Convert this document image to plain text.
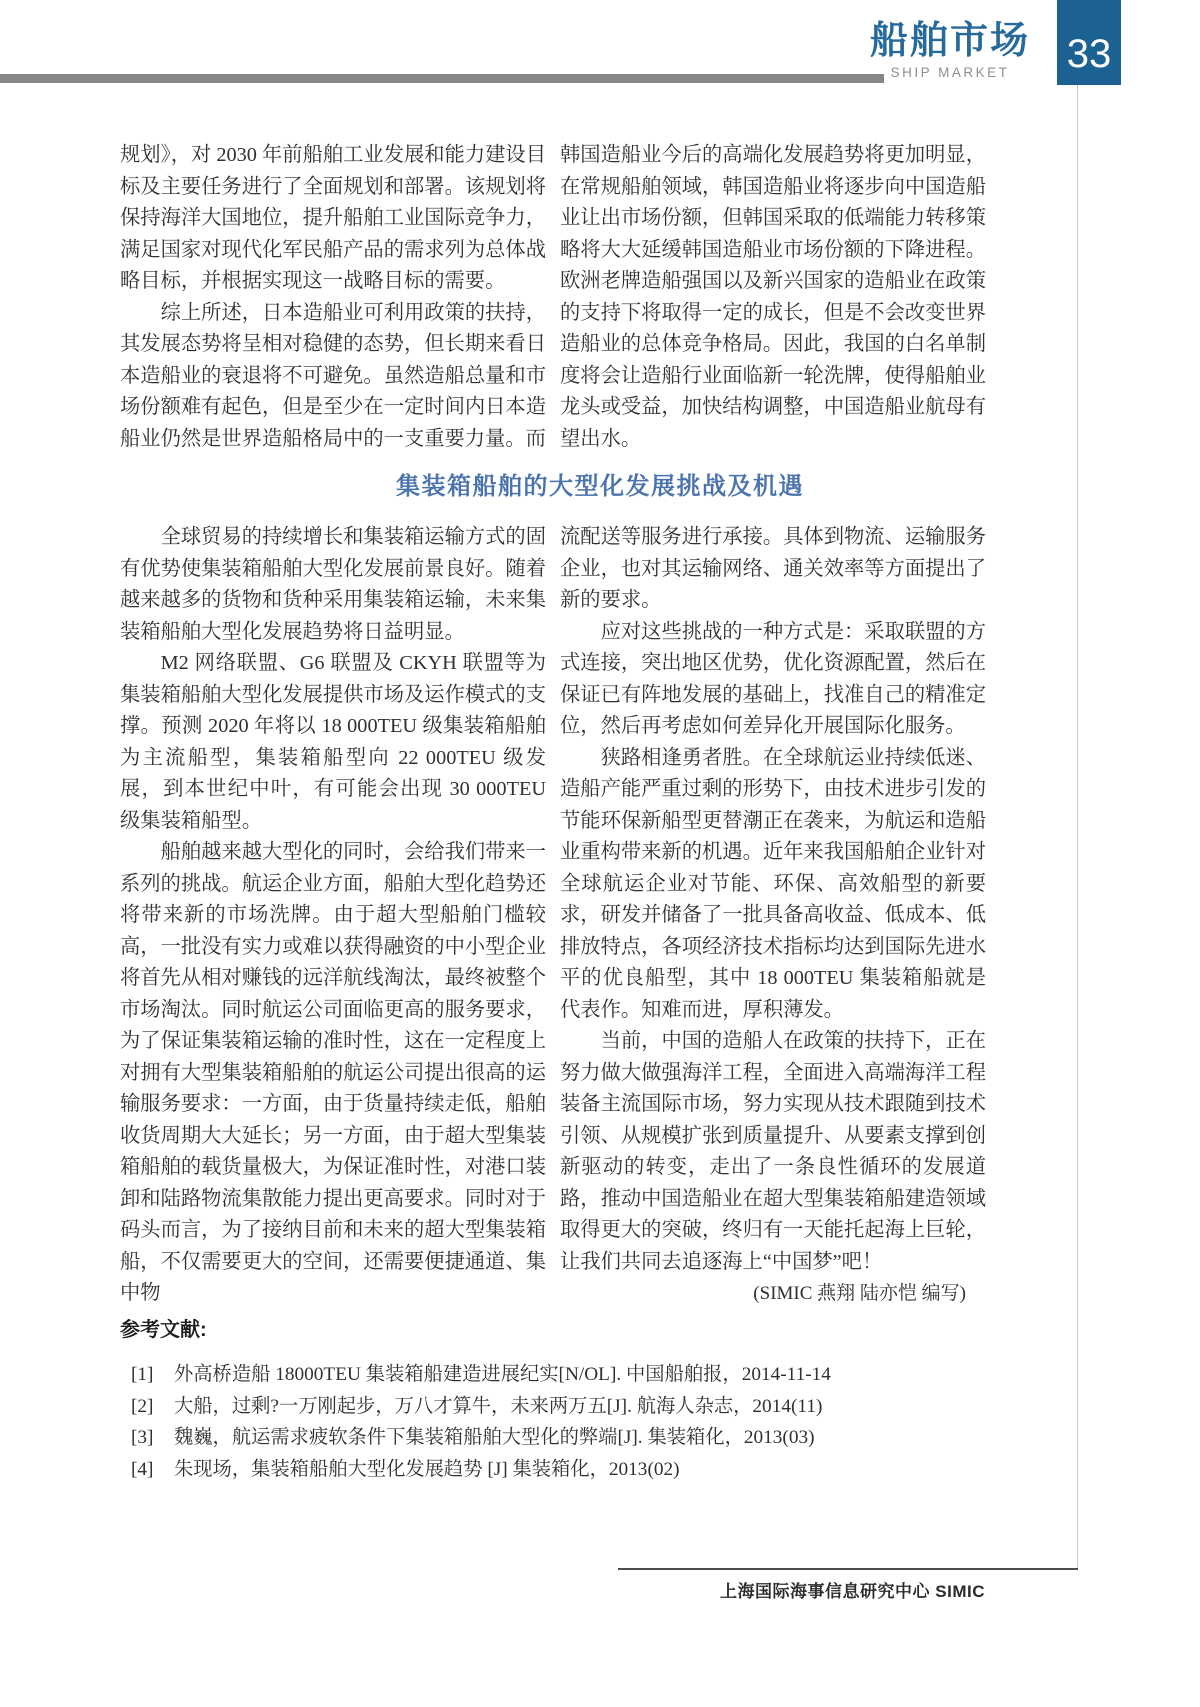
船舶市场
SHIP MARKET	33
规划》，对 2030 年前船舶工业发展和能力建设目标及主要任务进行了全面规划和部署。该规划将保持海洋大国地位，提升船舶工业国际竞争力，满足国家对现代化军民船产品的需求列为总体战略目标，并根据实现这一战略目标的需要。
综上所述，日本造船业可利用政策的扶持，其发展态势将呈相对稳健的态势，但长期来看日本造船业的衰退将不可避免。虽然造船总量和市场份额难有起色，但是至少在一定时间内日本造船业仍然是世界造船格局中的一支重要力量。而
韩国造船业今后的高端化发展趋势将更加明显，在常规船舶领域，韩国造船业将逐步向中国造船业让出市场份额，但韩国采取的低端能力转移策略将大大延缓韩国造船业市场份额的下降进程。欧洲老牌造船强国以及新兴国家的造船业在政策的支持下将取得一定的成长，但是不会改变世界造船业的总体竞争格局。因此，我国的白名单制度将会让造船行业面临新一轮洗牌，使得船舶业龙头或受益，加快结构调整，中国造船业航母有望出水。
集装箱船舶的大型化发展挑战及机遇
全球贸易的持续增长和集装箱运输方式的固有优势使集装箱船舶大型化发展前景良好。随着越来越多的货物和货种采用集装箱运输，未来集装箱船舶大型化发展趋势将日益明显。
M2 网络联盟、G6 联盟及 CKYH 联盟等为集装箱船舶大型化发展提供市场及运作模式的支撑。预测 2020 年将以 18 000TEU 级集装箱船舶为主流船型，集装箱船型向 22 000TEU 级发展，到本世纪中叶，有可能会出现 30 000TEU 级集装箱船型。
船舶越来越大型化的同时，会给我们带来一系列的挑战。航运企业方面，船舶大型化趋势还将带来新的市场洗牌。由于超大型船舶门槛较高，一批没有实力或难以获得融资的中小型企业将首先从相对赚钱的远洋航线淘汰，最终被整个市场淘汰。同时航运公司面临更高的服务要求，为了保证集装箱运输的准时性，这在一定程度上对拥有大型集装箱船舶的航运公司提出很高的运输服务要求：一方面，由于货量持续走低，船舶收货周期大大延长；另一方面，由于超大型集装箱船舶的载货量极大，为保证准时性，对港口装卸和陆路物流集散能力提出更高要求。同时对于码头而言，为了接纳目前和未来的超大型集装箱船，不仅需要更大的空间，还需要便捷通道、集中物
流配送等服务进行承接。具体到物流、运输服务企业，也对其运输网络、通关效率等方面提出了新的要求。
应对这些挑战的一种方式是：采取联盟的方式连接，突出地区优势，优化资源配置，然后在保证已有阵地发展的基础上，找准自己的精准定位，然后再考虑如何差异化开展国际化服务。
狭路相逢勇者胜。在全球航运业持续低迷、造船产能严重过剩的形势下，由技术进步引发的节能环保新船型更替潮正在袭来，为航运和造船业重构带来新的机遇。近年来我国船舶企业针对全球航运企业对节能、环保、高效船型的新要求，研发并储备了一批具备高收益、低成本、低排放特点，各项经济技术指标均达到国际先进水平的优良船型，其中 18 000TEU 集装箱船就是代表作。知难而进，厚积薄发。
当前，中国的造船人在政策的扶持下，正在努力做大做强海洋工程，全面进入高端海洋工程装备主流国际市场，努力实现从技术跟随到技术引领、从规模扩张到质量提升、从要素支撑到创新驱动的转变，走出了一条良性循环的发展道路，推动中国造船业在超大型集装箱船建造领域取得更大的突破，终归有一天能托起海上巨轮，让我们共同去追逐海上“中国梦”吧！
(SIMIC 燕翔 陆亦恺 编写)
参考文献:
[1]	外高桥造船 18000TEU 集装箱船建造进展纪实[N/OL]. 中国船舶报，2014-11-14
[2]	大船，过剩?一万刚起步，万八才算牛，未来两万五[J]. 航海人杂志，2014(11)
[3]	魏巍，航运需求疲软条件下集装箱船舶大型化的弊端[J]. 集装箱化，2013(03)
[4]	朱现场，集装箱船舶大型化发展趋势 [J] 集装箱化，2013(02)
上海国际海事信息研究中心 SIMIC
